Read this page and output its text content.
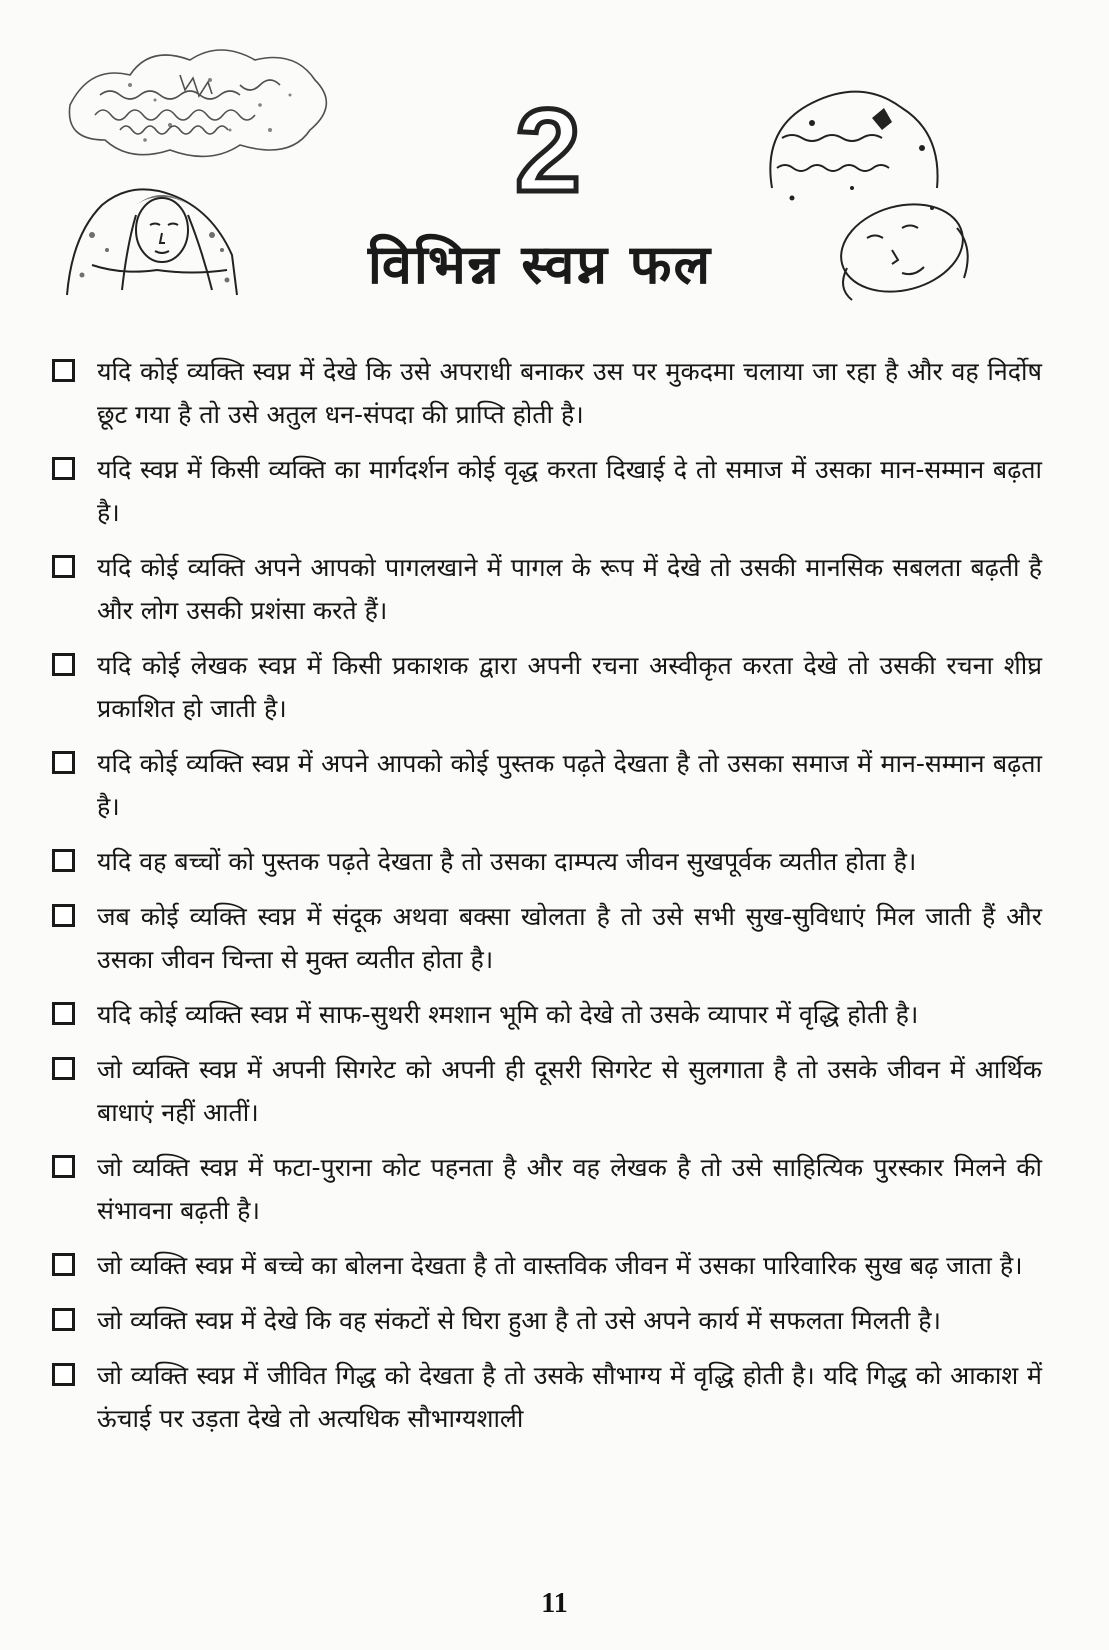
2
विभिन्न स्वप्न फल
यदि कोई व्यक्ति स्वप्न में देखे कि उसे अपराधी बनाकर उस पर मुकदमा चलाया जा रहा है और वह निर्दोष छूट गया है तो उसे अतुल धन-संपदा की प्राप्ति होती है।
यदि स्वप्न में किसी व्यक्ति का मार्गदर्शन कोई वृद्ध करता दिखाई दे तो समाज में उसका मान-सम्मान बढ़ता है।
यदि कोई व्यक्ति अपने आपको पागलखाने में पागल के रूप में देखे तो उसकी मानसिक सबलता बढ़ती है और लोग उसकी प्रशंसा करते हैं।
यदि कोई लेखक स्वप्न में किसी प्रकाशक द्वारा अपनी रचना अस्वीकृत करता देखे तो उसकी रचना शीघ्र प्रकाशित हो जाती है।
यदि कोई व्यक्ति स्वप्न में अपने आपको कोई पुस्तक पढ़ते देखता है तो उसका समाज में मान-सम्मान बढ़ता है।
यदि वह बच्चों को पुस्तक पढ़ते देखता है तो उसका दाम्पत्य जीवन सुखपूर्वक व्यतीत होता है।
जब कोई व्यक्ति स्वप्न में संदूक अथवा बक्सा खोलता है तो उसे सभी सुख-सुविधाएं मिल जाती हैं और उसका जीवन चिन्ता से मुक्त व्यतीत होता है।
यदि कोई व्यक्ति स्वप्न में साफ-सुथरी श्मशान भूमि को देखे तो उसके व्यापार में वृद्धि होती है।
जो व्यक्ति स्वप्न में अपनी सिगरेट को अपनी ही दूसरी सिगरेट से सुलगाता है तो उसके जीवन में आर्थिक बाधाएं नहीं आतीं।
जो व्यक्ति स्वप्न में फटा-पुराना कोट पहनता है और वह लेखक है तो उसे साहित्यिक पुरस्कार मिलने की संभावना बढ़ती है।
जो व्यक्ति स्वप्न में बच्चे का बोलना देखता है तो वास्तविक जीवन में उसका पारिवारिक सुख बढ़ जाता है।
जो व्यक्ति स्वप्न में देखे कि वह संकटों से घिरा हुआ है तो उसे अपने कार्य में सफलता मिलती है।
जो व्यक्ति स्वप्न में जीवित गिद्ध को देखता है तो उसके सौभाग्य में वृद्धि होती है। यदि गिद्ध को आकाश में ऊंचाई पर उड़ता देखे तो अत्यधिक सौभाग्यशाली
11
